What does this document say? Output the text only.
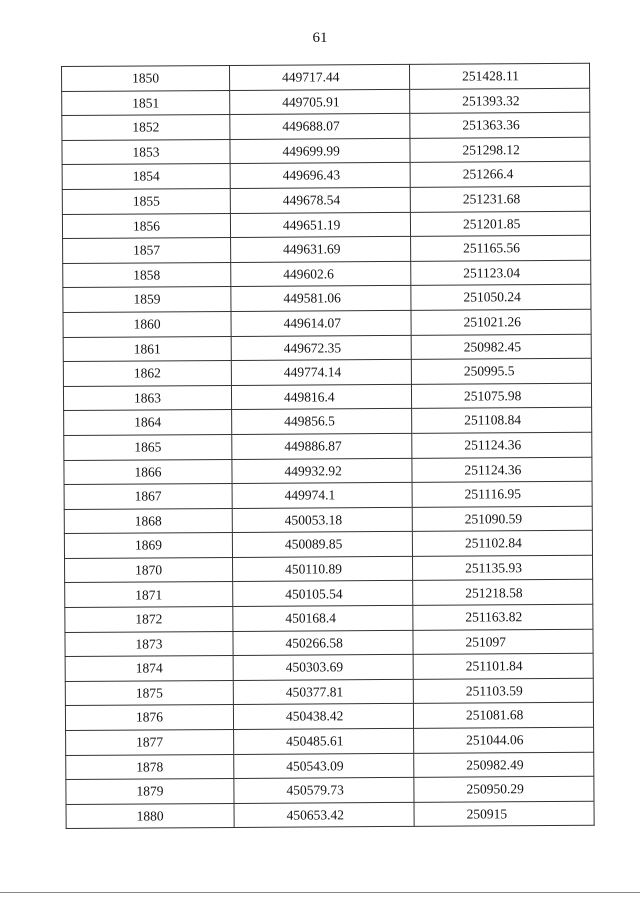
61
1850	449717.44	251428.11
1851	449705.91	251393.32
1852	449688.07	251363.36
1853	449699.99	251298.12
1854	449696.43	251266.4
1855	449678.54	251231.68
1856	449651.19	251201.85
1857	449631.69	251165.56
1858	449602.6	251123.04
1859	449581.06	251050.24
1860	449614.07	251021.26
1861	449672.35	250982.45
1862	449774.14	250995.5
1863	449816.4	251075.98
1864	449856.5	251108.84
1865	449886.87	251124.36
1866	449932.92	251124.36
1867	449974.1	251116.95
1868	450053.18	251090.59
1869	450089.85	251102.84
1870	450110.89	251135.93
1871	450105.54	251218.58
1872	450168.4	251163.82
1873	450266.58	251097
1874	450303.69	251101.84
1875	450377.81	251103.59
1876	450438.42	251081.68
1877	450485.61	251044.06
1878	450543.09	250982.49
1879	450579.73	250950.29
1880	450653.42	250915
